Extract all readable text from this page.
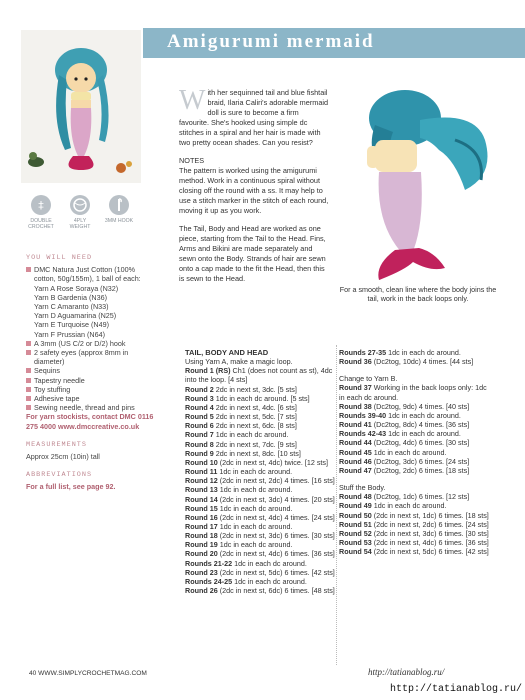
Amigurumi mermaid
‡
DOUBLE CROCHET
4PLY WEIGHT
3MM HOOK
YOU WILL NEED
DMC Natura Just Cotton (100% cotton, 50g/155m), 1 ball of each:
Yarn A Rose Soraya (N32)
Yarn B Gardenia (N36)
Yarn C Amaranto (N33)
Yarn D Aguamarina (N25)
Yarn E Turquoise (N49)
Yarn F Prussian (N64)
A 3mm (US C/2 or D/2) hook
2 safety eyes (approx 8mm in diameter)
Sequins
Tapestry needle
Toy stuffing
Adhesive tape
Sewing needle, thread and pins
For yarn stockists, contact DMC 0116 275 4000 www.dmccreative.co.uk
MEASUREMENTS
Approx 25cm (10in) tall
ABBREVIATIONS
For a full list, see page 92.
W ith her sequinned tail and blue fishtail braid, Ilaria Caliri's adorable mermaid doll is sure to become a firm favourite. She's hooked using simple dc stitches in a spiral and her hair is made with two pretty ocean shades. Can you resist?
NOTES
The pattern is worked using the amigurumi method. Work in a continuous spiral without closing off the round with a ss. It may help to use a stitch marker in the stitch of each round, moving it up as you work.
The Tail, Body and Head are worked as one piece, starting from the Tail to the Head. Fins, Arms and Bikini are made separately and sewn onto the Body. Strands of hair are sewn onto a cap made to the fit the Head, then this is sewn to the Head.
For a smooth, clean line where the body joins the tail, work in the back loops only.
TAIL, BODY AND HEAD
Using Yarn A, make a magic loop.
Round 1 (RS) Ch1 (does not count as st), 4dc into the loop. [4 sts]
Round 2 2dc in next st, 3dc. [5 sts]
Round 3 1dc in each dc around. [5 sts]
Round 4 2dc in next st, 4dc. [6 sts]
Round 5 2dc in next st, 5dc. [7 sts]
Round 6 2dc in next st, 6dc. [8 sts]
Round 7 1dc in each dc around.
Round 8 2dc in next st, 7dc. [9 sts]
Round 9 2dc in next st, 8dc. [10 sts]
Round 10 (2dc in next st, 4dc) twice. [12 sts]
Round 11 1dc in each dc around.
Round 12 (2dc in next st, 2dc) 4 times. [16 sts]
Round 13 1dc in each dc around.
Round 14 (2dc in next st, 3dc) 4 times. [20 sts]
Round 15 1dc in each dc around.
Round 16 (2dc in next st, 4dc) 4 times. [24 sts]
Round 17 1dc in each dc around.
Round 18 (2dc in next st, 3dc) 6 times. [30 sts]
Round 19 1dc in each dc around.
Round 20 (2dc in next st, 4dc) 6 times. [36 sts]
Rounds 21-22 1dc in each dc around.
Round 23 (2dc in next st, 5dc) 6 times. [42 sts]
Rounds 24-25 1dc in each dc around.
Round 26 (2dc in next st, 6dc) 6 times. [48 sts]
Rounds 27-35 1dc in each dc around.
Round 36 (Dc2tog, 10dc) 4 times. [44 sts]
Change to Yarn B.
Round 37 Working in the back loops only: 1dc in each dc around.
Round 38 (Dc2tog, 9dc) 4 times. [40 sts]
Rounds 39-40 1dc in each dc around.
Round 41 (Dc2tog, 8dc) 4 times. [36 sts]
Rounds 42-43 1dc in each dc around.
Round 44 (Dc2tog, 4dc) 6 times. [30 sts]
Round 45 1dc in each dc around.
Round 46 (Dc2tog, 3dc) 6 times. [24 sts]
Round 47 (Dc2tog, 2dc) 6 times. [18 sts]
Stuff the Body.
Round 48 (Dc2tog, 1dc) 6 times. [12 sts]
Round 49 1dc in each dc around.
Round 50 (2dc in next st, 1dc) 6 times. [18 sts]
Round 51 (2dc in next st, 2dc) 6 times. [24 sts]
Round 52 (2dc in next st, 3dc) 6 times. [30 sts]
Round 53 (2dc in next st, 4dc) 6 times. [36 sts]
Round 54 (2dc in next st, 5dc) 6 times. [42 sts]
40 WWW.SIMPLYCROCHETMAG.COM	http://tatianablog.ru/
http://tatianablog.ru/
